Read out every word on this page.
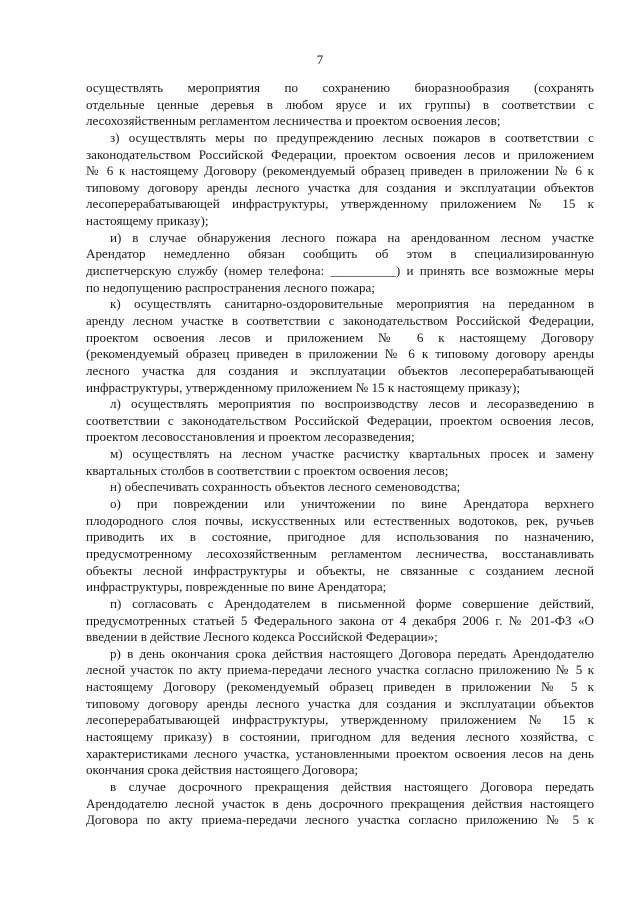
7
осуществлять мероприятия по сохранению биоразнообразия (сохранять
отдельные ценные деревья в любом ярусе и их группы) в соответствии с
лесохозяйственным регламентом лесничества и проектом освоения лесов;
з) осуществлять меры по предупреждению лесных пожаров в соответствии с
законодательством Российской Федерации, проектом освоения лесов и приложением
№ 6 к настоящему Договору (рекомендуемый образец приведен в приложении № 6 к
типовому договору аренды лесного участка для создания и эксплуатации объектов
лесоперерабатывающей инфраструктуры, утвержденному приложением № 15 к
настоящему приказу);
и) в случае обнаружения лесного пожара на арендованном лесном участке
Арендатор немедленно обязан сообщить об этом в специализированную
диспетчерскую службу (номер телефона: __________) и принять все возможные меры
по недопущению распространения лесного пожара;
к) осуществлять санитарно-оздоровительные мероприятия на переданном в
аренду лесном участке в соответствии с законодательством Российской Федерации,
проектом освоения лесов и приложением № 6 к настоящему Договору
(рекомендуемый образец приведен в приложении № 6 к типовому договору аренды
лесного участка для создания и эксплуатации объектов лесоперерабатывающей
инфраструктуры, утвержденному приложением № 15 к настоящему приказу);
л) осуществлять мероприятия по воспроизводству лесов и лесоразведению в
соответствии с законодательством Российской Федерации, проектом освоения лесов,
проектом лесовосстановления и проектом лесоразведения;
м) осуществлять на лесном участке расчистку квартальных просек и замену
квартальных столбов в соответствии с проектом освоения лесов;
н) обеспечивать сохранность объектов лесного семеноводства;
о) при повреждении или уничтожении по вине Арендатора верхнего
плодородного слоя почвы, искусственных или естественных водотоков, рек, ручьев
приводить их в состояние, пригодное для использования по назначению,
предусмотренному лесохозяйственным регламентом лесничества, восстанавливать
объекты лесной инфраструктуры и объекты, не связанные с созданием лесной
инфраструктуры, поврежденные по вине Арендатора;
п) согласовать с Арендодателем в письменной форме совершение действий,
предусмотренных статьей 5 Федерального закона от 4 декабря 2006 г. № 201-ФЗ «О
введении в действие Лесного кодекса Российской Федерации»;
р) в день окончания срока действия настоящего Договора передать Арендодателю
лесной участок по акту приема-передачи лесного участка согласно приложению № 5 к
настоящему Договору (рекомендуемый образец приведен в приложении № 5 к
типовому договору аренды лесного участка для создания и эксплуатации объектов
лесоперерабатывающей инфраструктуры, утвержденному приложением № 15 к
настоящему приказу) в состоянии, пригодном для ведения лесного хозяйства, с
характеристиками лесного участка, установленными проектом освоения лесов на день
окончания срока действия настоящего Договора;
в случае досрочного прекращения действия настоящего Договора передать
Арендодателю лесной участок в день досрочного прекращения действия настоящего
Договора по акту приема-передачи лесного участка согласно приложению № 5 к
